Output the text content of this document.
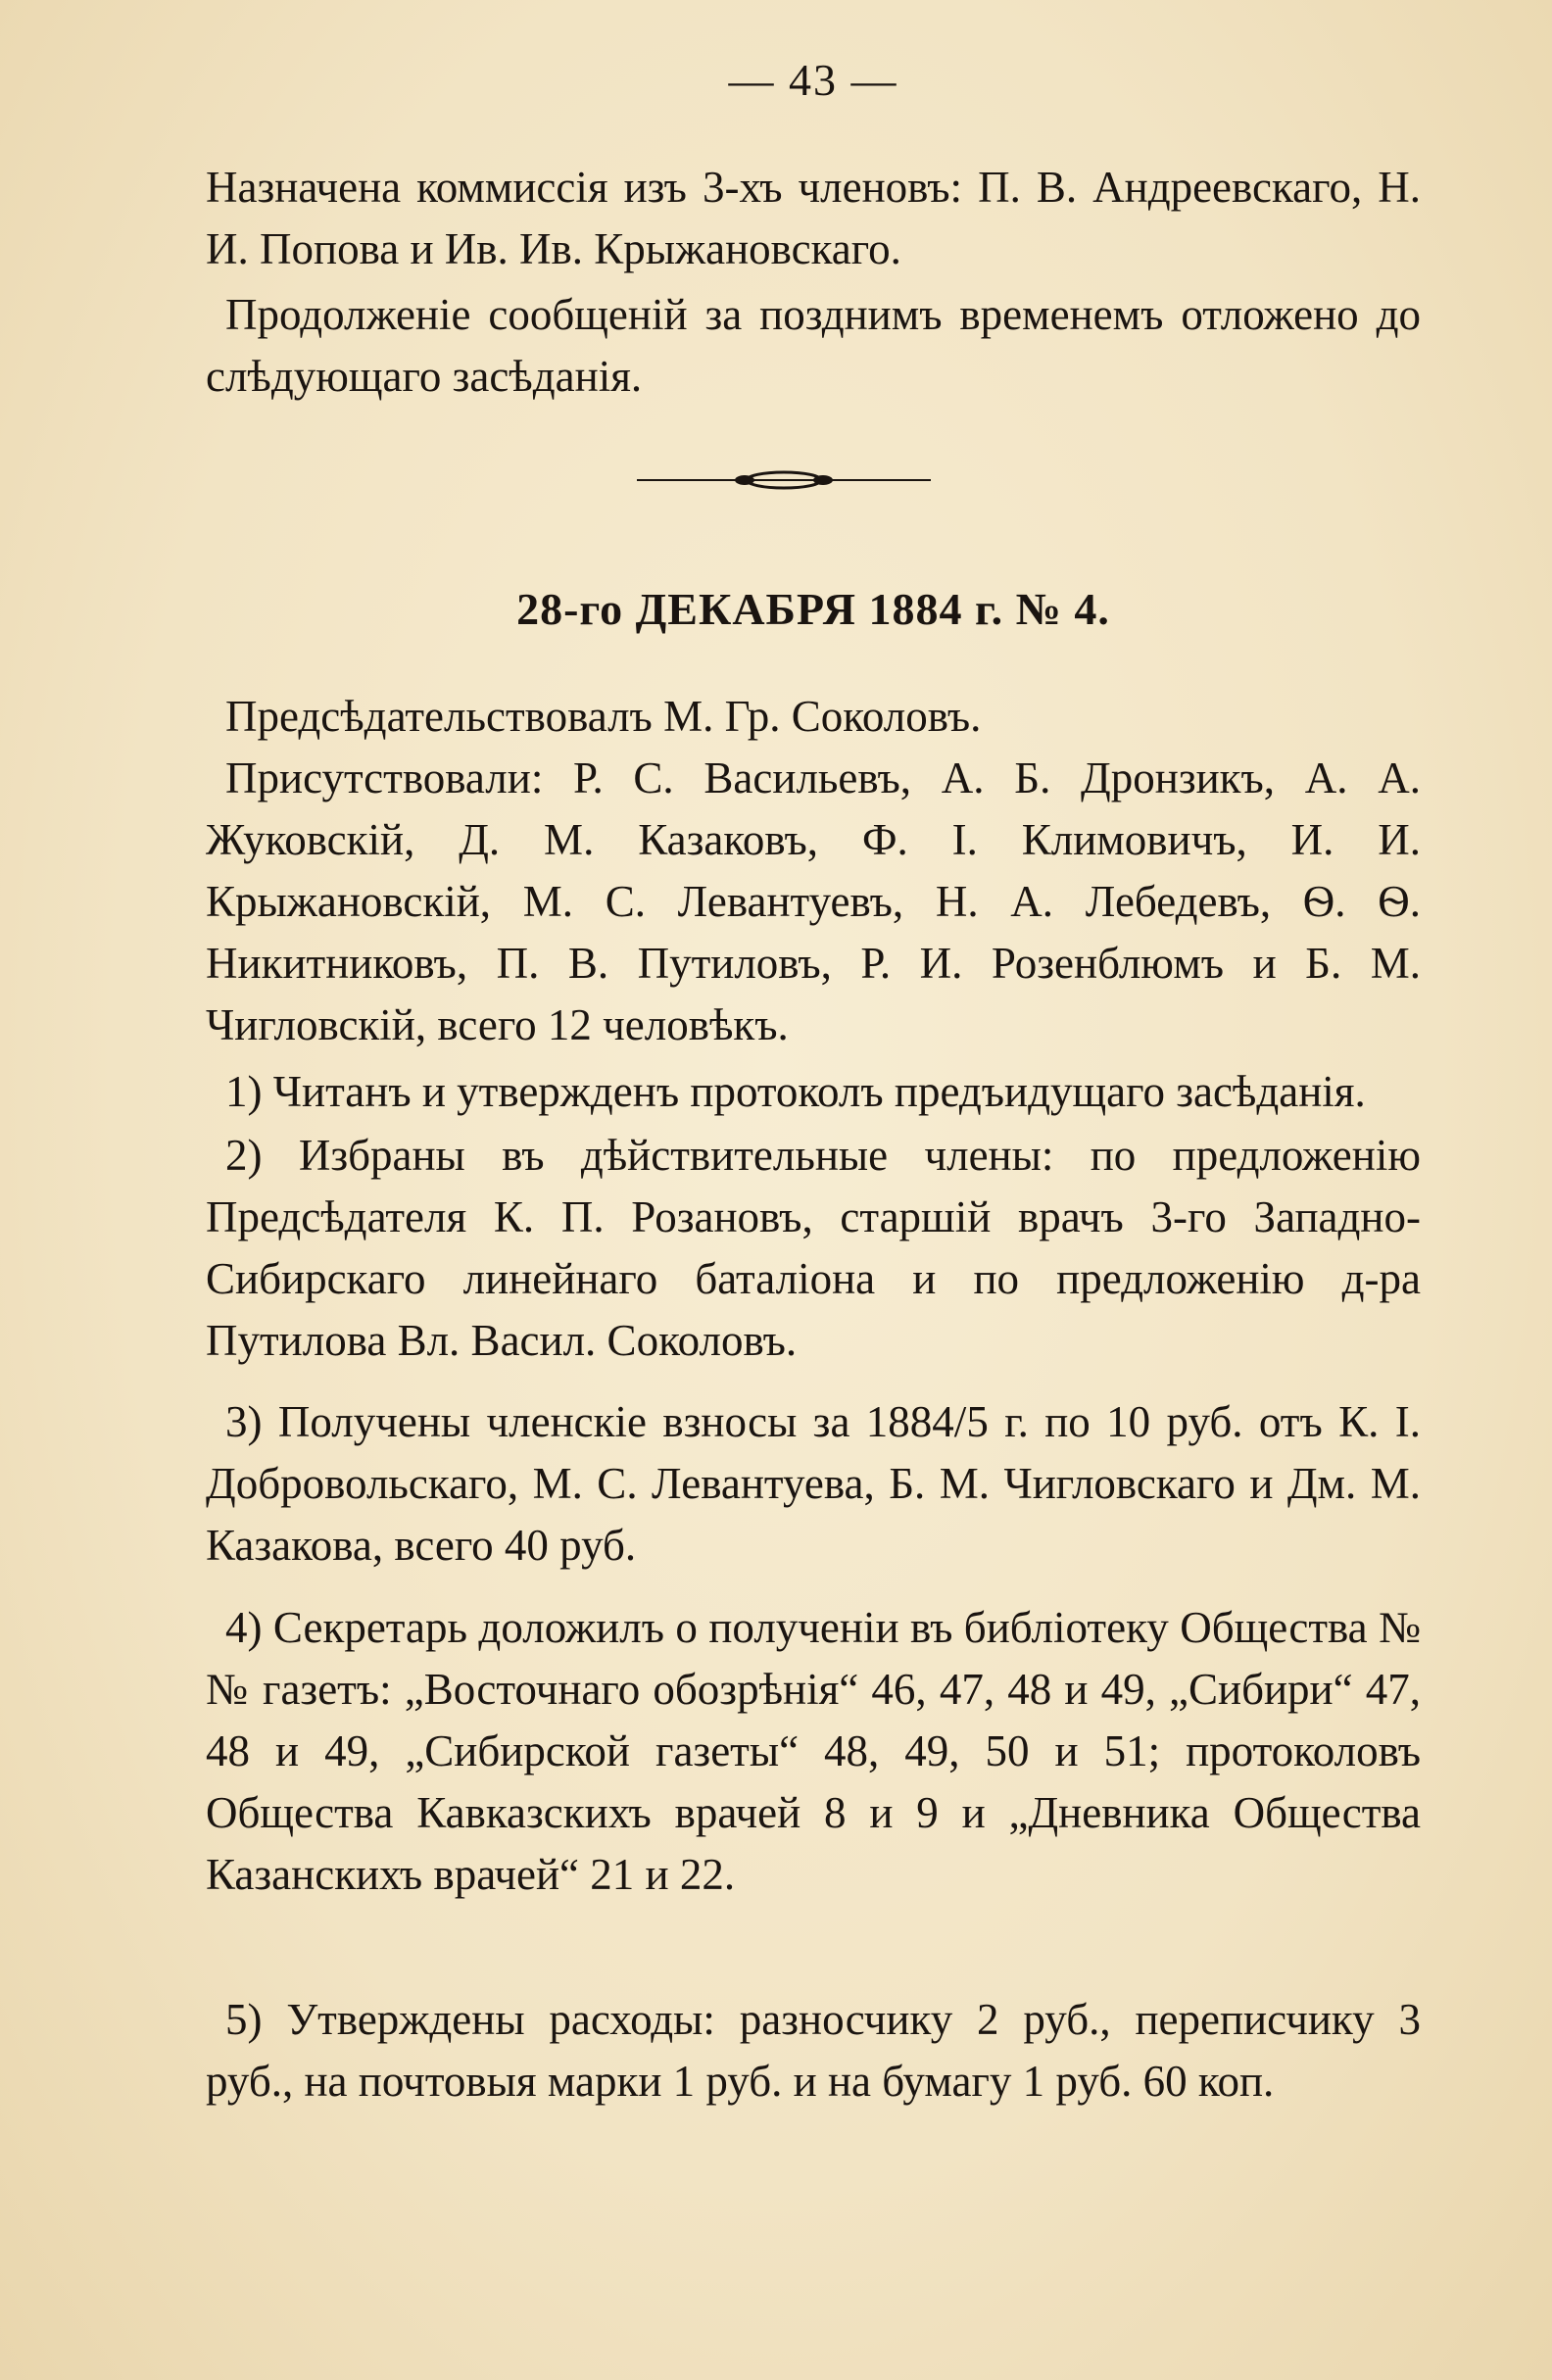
— 43 —

Назначена коммиссія изъ 3-хъ членовъ: П. В. Андреевскаго, Н. И. Попова и Ив. Ив. Крыжановскаго.

Продолженіе сообщеній за позднимъ временемъ отложено до слѣдующаго засѣданія.

28-го ДЕКАБРЯ 1884 г. № 4.

Предсѣдательствовалъ М. Гр. Соколовъ.

Присутствовали: Р. С. Васильевъ, А. Б. Дронзикъ, А. А. Жуковскій, Д. М. Казаковъ, Ф. І. Климовичъ, И. И. Крыжановскій, М. С. Левантуевъ, Н. А. Лебедевъ, Ѳ. Ѳ. Никитниковъ, П. В. Путиловъ, Р. И. Розенблюмъ и Б. М. Чигловскій, всего 12 человѣкъ.

1) Читанъ и утвержденъ протоколъ предъидущаго засѣданія.

2) Избраны въ дѣйствительные члены: по предложенію Предсѣдателя К. П. Розановъ, старшій врачъ 3-го Западно-Сибирскаго линейнаго баталіона и по предложенію д-ра Путилова Вл. Васил. Соколовъ.

3) Получены членскіе взносы за 1884/5 г. по 10 руб. отъ К. І. Добровольскаго, М. С. Левантуева, Б. М. Чигловскаго и Дм. М. Казакова, всего 40 руб.

4) Секретарь доложилъ о полученіи въ библіотеку Общества №№ газетъ: „Восточнаго обозрѣнія“ 46, 47, 48 и 49, „Сибири“ 47, 48 и 49, „Сибирской газеты“ 48, 49, 50 и 51; протоколовъ Общества Кавказскихъ врачей 8 и 9 и „Дневника Общества Казанскихъ врачей“ 21 и 22.

5) Утверждены расходы: разносчику 2 руб., переписчику 3 руб., на почтовыя марки 1 руб. и на бумагу 1 руб. 60 коп.
